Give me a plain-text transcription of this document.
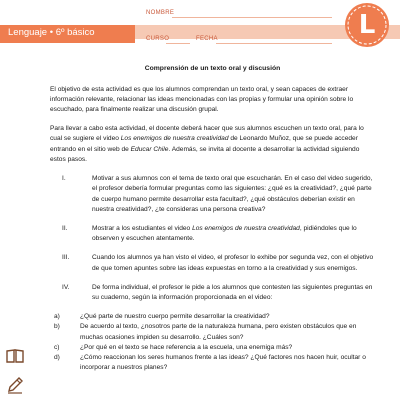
Lenguaje • 6º básico
NOMBRE
CURSO	FECHA	L
Comprensión de un texto oral y discusión

El objetivo de esta actividad es que los alumnos comprendan un texto oral, y sean capaces de extraer información relevante, relacionar las ideas mencionadas con las propias y formular una opinión sobre lo escuchado, para finalmente realizar una discusión grupal.

Para llevar a cabo esta actividad, el docente deberá hacer que sus alumnos escuchen un texto oral, para lo cual se sugiere el video Los enemigos de nuestra creatividad de Leonardo Muñoz, que se puede acceder entrando en el sitio web de Educar Chile. Además, se invita al docente a desarrollar la actividad siguiendo estos pasos.

I.	Motivar a sus alumnos con el tema de texto oral que escucharán. En el caso del video sugerido, el profesor debería formular preguntas como las siguientes: ¿qué es la creatividad?, ¿qué parte de cuerpo humano permite desarrollar esta facultad?, ¿qué obstáculos deberían existir en nuestra creatividad?, ¿te consideras una persona creativa?
II.	Mostrar a los estudiantes el video Los enemigos de nuestra creatividad, pidiéndoles que lo observen y escuchen atentamente.
III.	Cuando los alumnos ya han visto el video, el profesor lo exhibe por segunda vez, con el objetivo de que tomen apuntes sobre las ideas expuestas en torno a la creatividad y sus enemigos.
IV.	De forma individual, el profesor le pide a los alumnos que contesten las siguientes preguntas en su cuaderno, según la información proporcionada en el video:
a)	¿Qué parte de nuestro cuerpo permite desarrollar la creatividad?
b)	De acuerdo al texto, ¿nosotros parte de la naturaleza humana, pero existen obstáculos que en muchas ocasiones impiden su desarrollo. ¿Cuáles son?
c)	¿Por qué en el texto se hace referencia a la escuela, una enemiga más?
d)	¿Cómo reaccionan los seres humanos frente a las ideas? ¿Qué factores nos hacen huir, ocultar o incorporar a nuestros planes?
